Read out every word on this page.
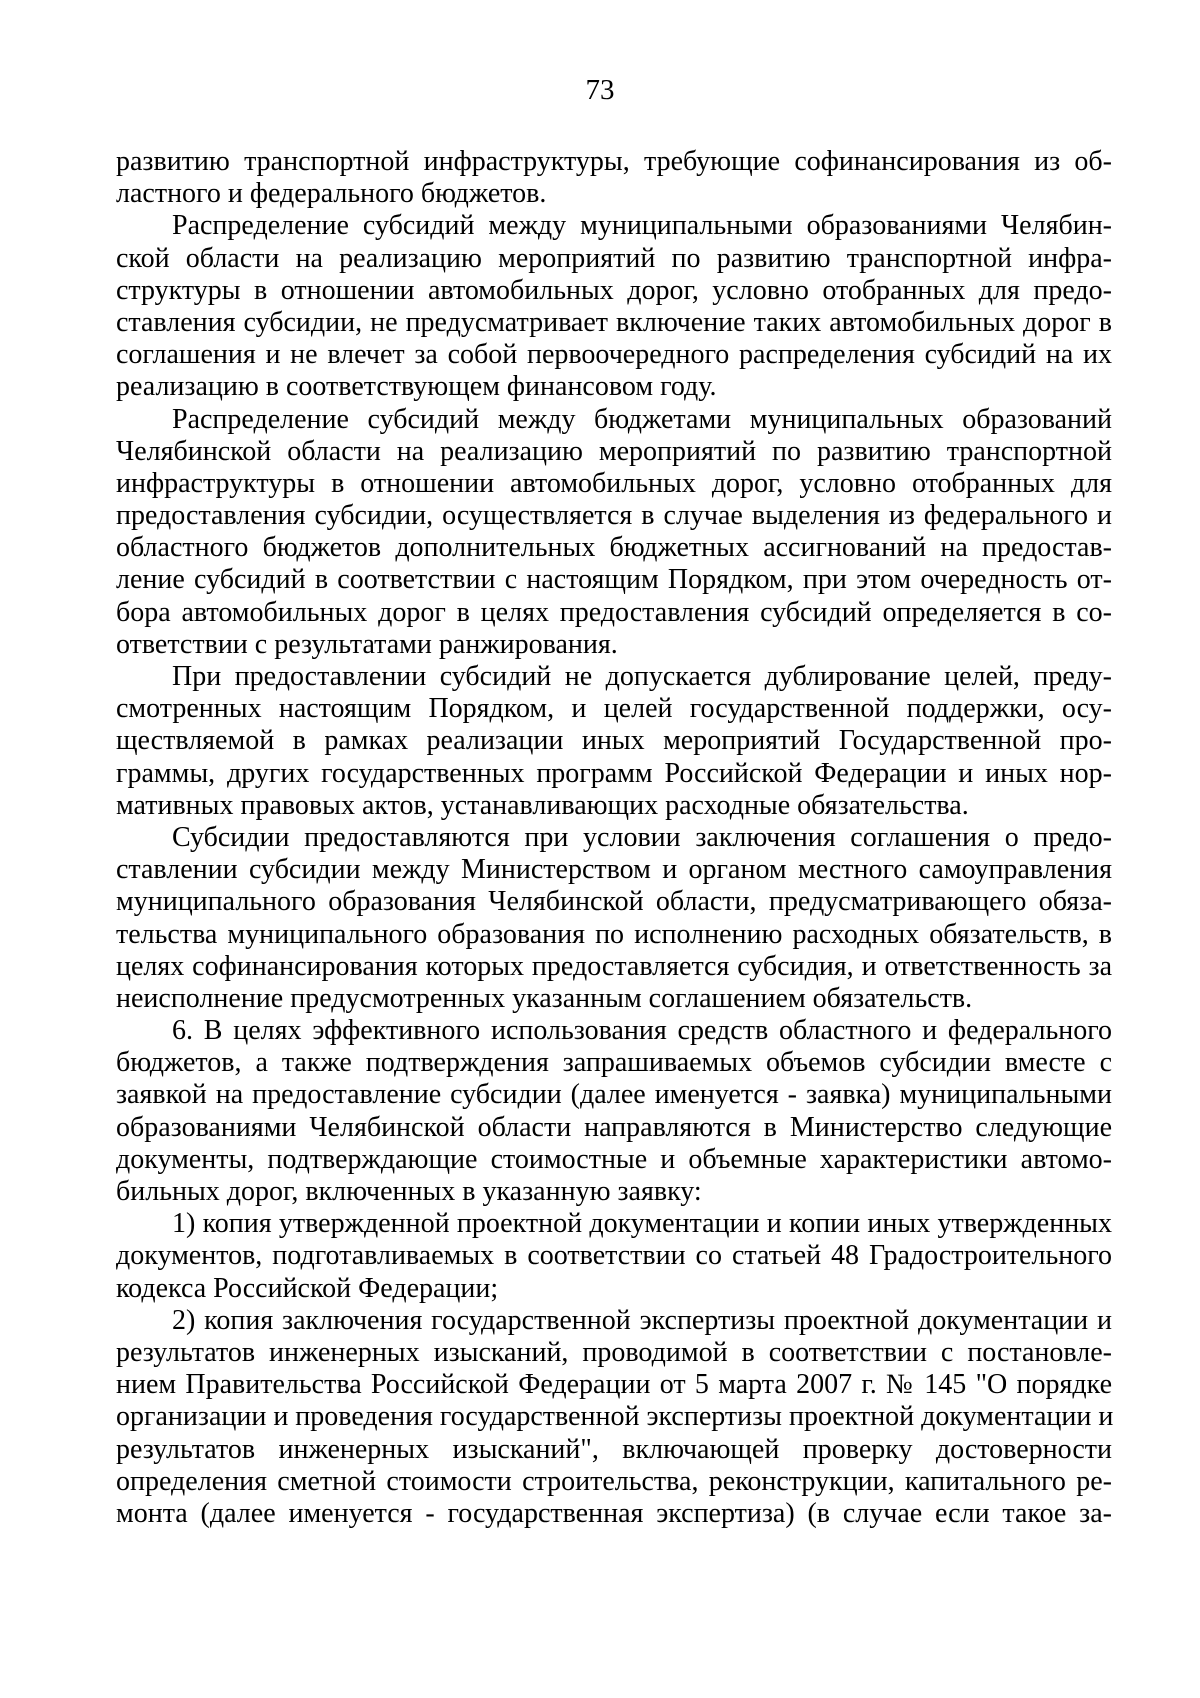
73
развитию транспортной инфраструктуры, требующие софинансирования из об-
ластного и федерального бюджетов.
Распределение субсидий между муниципальными образованиями Челябин-
ской области на реализацию мероприятий по развитию транспортной инфра-
структуры в отношении автомобильных дорог, условно отобранных для предо-
ставления субсидии, не предусматривает включение таких автомобильных дорог в
соглашения и не влечет за собой первоочередного распределения субсидий на их
реализацию в соответствующем финансовом году.
Распределение субсидий между бюджетами муниципальных образований
Челябинской области на реализацию мероприятий по развитию транспортной
инфраструктуры в отношении автомобильных дорог, условно отобранных для
предоставления субсидии, осуществляется в случае выделения из федерального и
областного бюджетов дополнительных бюджетных ассигнований на предостав-
ление субсидий в соответствии с настоящим Порядком, при этом очередность от-
бора автомобильных дорог в целях предоставления субсидий определяется в со-
ответствии с результатами ранжирования.
При предоставлении субсидий не допускается дублирование целей, преду-
смотренных настоящим Порядком, и целей государственной поддержки, осу-
ществляемой в рамках реализации иных мероприятий Государственной про-
граммы, других государственных программ Российской Федерации и иных нор-
мативных правовых актов, устанавливающих расходные обязательства.
Субсидии предоставляются при условии заключения соглашения о предо-
ставлении субсидии между Министерством и органом местного самоуправления
муниципального образования Челябинской области, предусматривающего обяза-
тельства муниципального образования по исполнению расходных обязательств, в
целях софинансирования которых предоставляется субсидия, и ответственность за
неисполнение предусмотренных указанным соглашением обязательств.
6. В целях эффективного использования средств областного и федерального
бюджетов, а также подтверждения запрашиваемых объемов субсидии вместе с
заявкой на предоставление субсидии (далее именуется - заявка) муниципальными
образованиями Челябинской области направляются в Министерство следующие
документы, подтверждающие стоимостные и объемные характеристики автомо-
бильных дорог, включенных в указанную заявку:
1) копия утвержденной проектной документации и копии иных утвержденных
документов, подготавливаемых в соответствии со статьей 48 Градостроительного
кодекса Российской Федерации;
2) копия заключения государственной экспертизы проектной документации и
результатов инженерных изысканий, проводимой в соответствии с постановле-
нием Правительства Российской Федерации от 5 марта 2007 г. № 145 "О порядке
организации и проведения государственной экспертизы проектной документации и
результатов инженерных изысканий", включающей проверку достоверности
определения сметной стоимости строительства, реконструкции, капитального ре-
монта (далее именуется - государственная экспертиза) (в случае если такое за-
